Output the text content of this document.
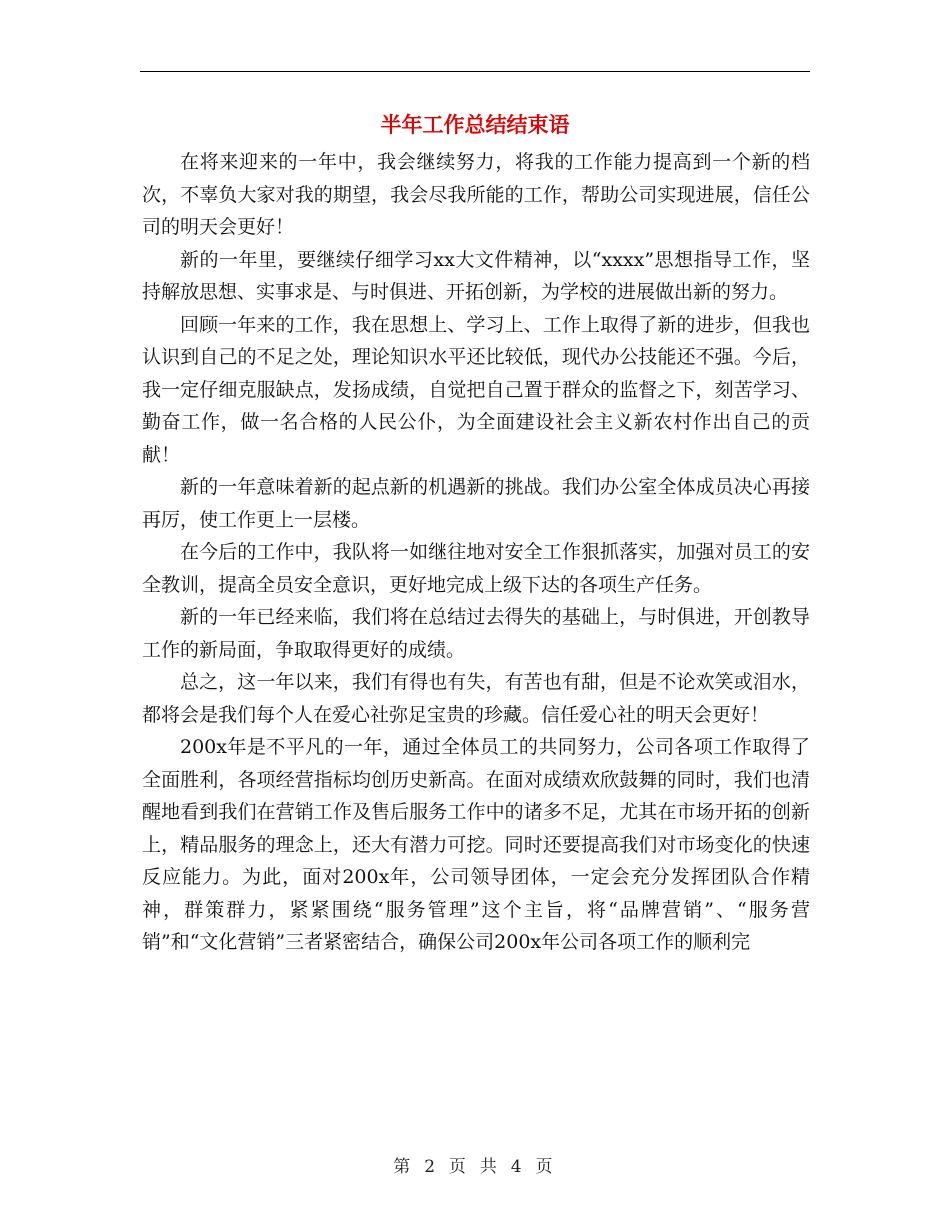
半年工作总结结束语

在将来迎来的一年中，我会继续努力，将我的工作能力提高到一个新的档次，不辜负大家对我的期望，我会尽我所能的工作，帮助公司实现进展，信任公司的明天会更好！

新的一年里，要继续仔细学习xx大文件精神，以“xxxx”思想指导工作，坚持解放思想、实事求是、与时俱进、开拓创新，为学校的进展做出新的努力。

回顾一年来的工作，我在思想上、学习上、工作上取得了新的进步，但我也认识到自己的不足之处，理论知识水平还比较低，现代办公技能还不强。今后，我一定仔细克服缺点，发扬成绩，自觉把自己置于群众的监督之下，刻苦学习、勤奋工作，做一名合格的人民公仆，为全面建设社会主义新农村作出自己的贡献！

新的一年意味着新的起点新的机遇新的挑战。我们办公室全体成员决心再接再厉，使工作更上一层楼。

在今后的工作中，我队将一如继往地对安全工作狠抓落实，加强对员工的安全教训，提高全员安全意识，更好地完成上级下达的各项生产任务。

新的一年已经来临，我们将在总结过去得失的基础上，与时俱进，开创教导工作的新局面，争取取得更好的成绩。

总之，这一年以来，我们有得也有失，有苦也有甜，但是不论欢笑或泪水，都将会是我们每个人在爱心社弥足宝贵的珍藏。信任爱心社的明天会更好！

200x年是不平凡的一年，通过全体员工的共同努力，公司各项工作取得了全面胜利，各项经营指标均创历史新高。在面对成绩欢欣鼓舞的同时，我们也清醒地看到我们在营销工作及售后服务工作中的诸多不足，尤其在市场开拓的创新上，精品服务的理念上，还大有潜力可挖。同时还要提高我们对市场变化的快速反应能力。为此，面对200x年，公司领导团体，一定会充分发挥团队合作精神，群策群力，紧紧围绕“服务管理”这个主旨，将“品牌营销”、“服务营销”和“文化营销”三者紧密结合，确保公司200x年公司各项工作的顺利完

第 2 页 共 4 页
